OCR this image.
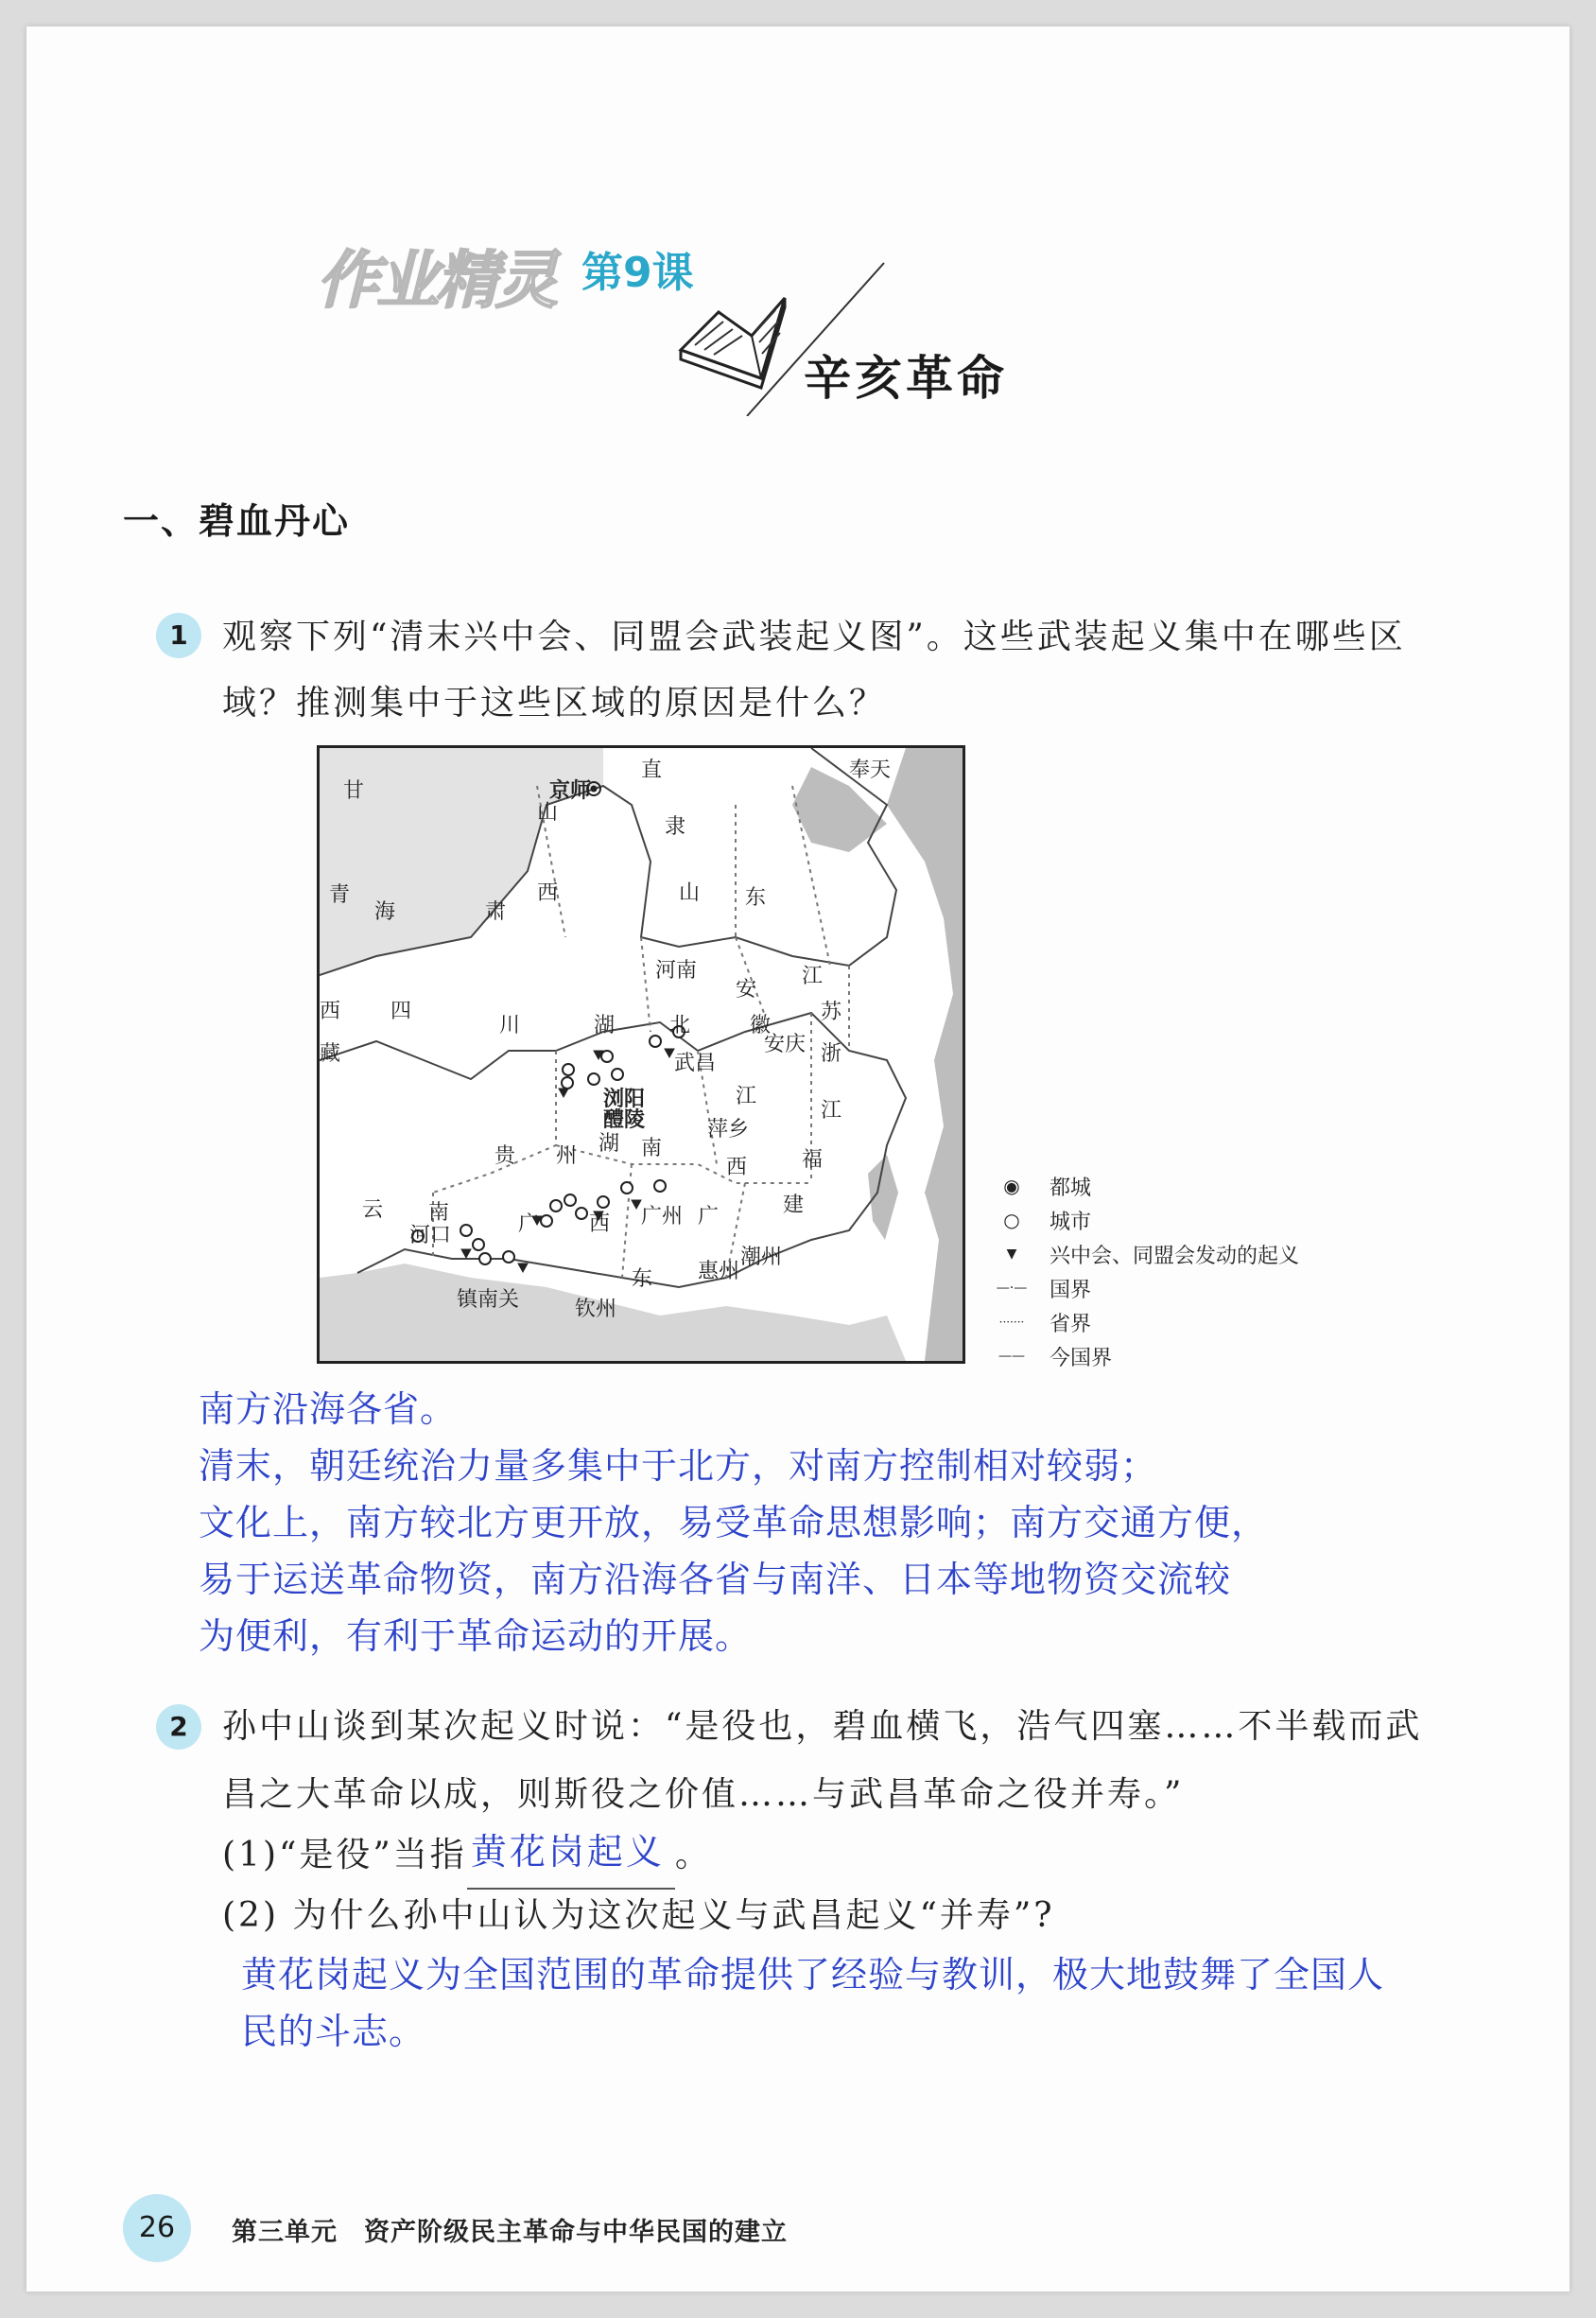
作业精灵 第9课
辛亥革命
一、碧血丹心
1	观察下列“清末兴中会、同盟会武装起义图”。这些武装起义集中在哪些区
域？推测集中于这些区域的原因是什么？
甘
青
海	肃
西
藏
四
川
直
隶
山
西
京师
奉天
山 东
河南
安
徽
江
苏
浙
江
湖	北
武昌
安庆
浏阳
醴陵	萍乡
湖 南
江
西	福
建
贵 州
云 南	广 西 广州 广
东 惠州
潮州
河口
镇南关	钦州
◉	都城
○	城市
▼	兴中会、同盟会发动的起义
—·— 国界
·······	省界
—— 今国界
南方沿海各省。
清末，朝廷统治力量多集中于北方，对南方控制相对较弱；
文化上，南方较北方更开放，易受革命思想影响；南方交通方便，
易于运送革命物资，南方沿海各省与南洋、日本等地物资交流较
为便利，有利于革命运动的开展。
2	孙中山谈到某次起义时说：“是役也，碧血横飞，浩气四塞……不半载而武
昌之大革命以成，则斯役之价值……与武昌革命之役并寿。”
(1)“是役”当指 黄花岗起义 。
(2) 为什么孙中山认为这次起义与武昌起义“并寿”?
黄花岗起义为全国范围的革命提供了经验与教训，极大地鼓舞了全国人
民的斗志。
26	第三单元　资产阶级民主革命与中华民国的建立
